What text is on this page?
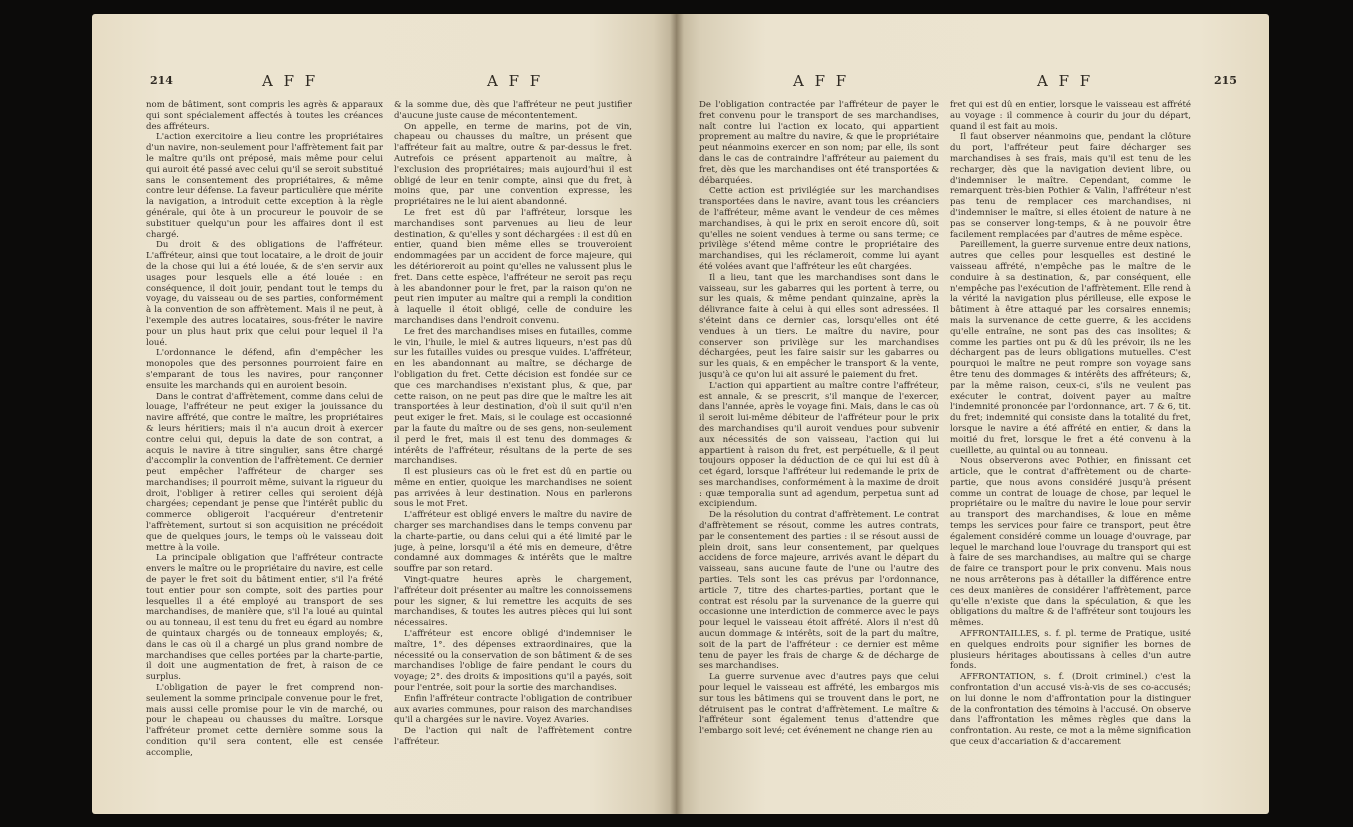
214	A F F	A F F

nom de bâtiment, sont compris les agrès & apparaux qui sont spécialement affectés à toutes les créances des affréteurs.

L'action exercitoire a lieu contre les propriétaires d'un navire, non-seulement pour l'affrètement fait par le maître qu'ils ont préposé, mais même pour celui qui auroit été passé avec celui qu'il se seroit substitué sans le consentement des propriétaires, & même contre leur défense. La faveur particulière que mérite la navigation, a introduit cette exception à la règle générale, qui ôte à un procureur le pouvoir de se substituer quelqu'un pour les affaires dont il est chargé.

Du droit & des obligations de l'affréteur. L'affréteur, ainsi que tout locataire, a le droit de jouir de la chose qui lui a été louée, & de s'en servir aux usages pour lesquels elle a été louée : en conséquence, il doit jouir, pendant tout le temps du voyage, du vaisseau ou de ses parties, conformément à la convention de son affrètement. Mais il ne peut, à l'exemple des autres locataires, sous-fréter le navire pour un plus haut prix que celui pour lequel il l'a loué.

L'ordonnance le défend, afin d'empêcher les monopoles que des personnes pourroient faire en s'emparant de tous les navires, pour rançonner ensuite les marchands qui en auroient besoin.

Dans le contrat d'affrètement, comme dans celui de louage, l'affréteur ne peut exiger la jouissance du navire affrété, que contre le maître, les propriétaires & leurs héritiers; mais il n'a aucun droit à exercer contre celui qui, depuis la date de son contrat, a acquis le navire à titre singulier, sans être chargé d'accomplir la convention de l'affrètement. Ce dernier peut empêcher l'affréteur de charger ses marchandises; il pourroit même, suivant la rigueur du droit, l'obliger à retirer celles qui seroient déjà chargées; cependant je pense que l'intérêt public du commerce obligeroit l'acquéreur d'entretenir l'affrètement, surtout si son acquisition ne précédoit que de quelques jours, le temps où le vaisseau doit mettre à la voile.

La principale obligation que l'affréteur contracte envers le maître ou le propriétaire du navire, est celle de payer le fret soit du bâtiment entier, s'il l'a frété tout entier pour son compte, soit des parties pour lesquelles il a été employé au transport de ses marchandises, de manière que, s'il l'a loué au quintal ou au tonneau, il est tenu du fret eu égard au nombre de quintaux chargés ou de tonneaux employés; &, dans le cas où il a chargé un plus grand nombre de marchandises que celles portées par la charte-partie, il doit une augmentation de fret, à raison de ce surplus.

L'obligation de payer le fret comprend non-seulement la somme principale convenue pour le fret, mais aussi celle promise pour le vin de marché, ou pour le chapeau ou chausses du maître. Lorsque l'affréteur promet cette dernière somme sous la condition qu'il sera content, elle est censée accomplie,

& la somme due, dès que l'affréteur ne peut justifier d'aucune juste cause de mécontentement.

On appelle, en terme de marins, pot de vin, chapeau ou chausses du maître, un présent que l'affréteur fait au maître, outre & par-dessus le fret. Autrefois ce présent appartenoit au maître, à l'exclusion des propriétaires; mais aujourd'hui il est obligé de leur en tenir compte, ainsi que du fret, à moins que, par une convention expresse, les propriétaires ne le lui aient abandonné.

Le fret est dû par l'affréteur, lorsque les marchandises sont parvenues au lieu de leur destination, & qu'elles y sont déchargées : il est dû en entier, quand bien même elles se trouveroient endommagées par un accident de force majeure, qui les détérioreroit au point qu'elles ne valussent plus le fret. Dans cette espèce, l'affréteur ne seroit pas reçu à les abandonner pour le fret, par la raison qu'on ne peut rien imputer au maître qui a rempli la condition à laquelle il étoit obligé, celle de conduire les marchandises dans l'endroit convenu.

Le fret des marchandises mises en futailles, comme le vin, l'huile, le miel & autres liqueurs, n'est pas dû sur les futailles vuides ou presque vuides. L'affréteur, en les abandonnant au maître, se décharge de l'obligation du fret. Cette décision est fondée sur ce que ces marchandises n'existant plus, & que, par cette raison, on ne peut pas dire que le maître les ait transportées à leur destination, d'où il suit qu'il n'en peut exiger le fret. Mais, si le coulage est occasionné par la faute du maître ou de ses gens, non-seulement il perd le fret, mais il est tenu des dommages & intérêts de l'affréteur, résultans de la perte de ses marchandises.

Il est plusieurs cas où le fret est dû en partie ou même en entier, quoique les marchandises ne soient pas arrivées à leur destination. Nous en parlerons sous le mot Fret.

L'affréteur est obligé envers le maître du navire de charger ses marchandises dans le temps convenu par la charte-partie, ou dans celui qui a été limité par le juge, à peine, lorsqu'il a été mis en demeure, d'être condamné aux dommages & intérêts que le maître souffre par son retard.

Vingt-quatre heures après le chargement, l'affréteur doit présenter au maître les connoissemens pour les signer, & lui remettre les acquits de ses marchandises, & toutes les autres pièces qui lui sont nécessaires.

L'affréteur est encore obligé d'indemniser le maître, 1°. des dépenses extraordinaires, que la nécessité ou la conservation de son bâtiment & de ses marchandises l'oblige de faire pendant le cours du voyage; 2°. des droits & impositions qu'il a payés, soit pour l'entrée, soit pour la sortie des marchandises.

Enfin l'affréteur contracte l'obligation de contribuer aux avaries communes, pour raison des marchandises qu'il a chargées sur le navire. Voyez Avaries.

De l'action qui naît de l'affrètement contre l'affréteur.

A F F	A F F	215

De l'obligation contractée par l'affréteur de payer le fret convenu pour le transport de ses marchandises, naît contre lui l'action ex locato, qui appartient proprement au maître du navire, & que le propriétaire peut néanmoins exercer en son nom; par elle, ils sont dans le cas de contraindre l'affréteur au paiement du fret, dès que les marchandises ont été transportées & débarquées.

Cette action est privilégiée sur les marchandises transportées dans le navire, avant tous les créanciers de l'affréteur, même avant le vendeur de ces mêmes marchandises, à qui le prix en seroit encore dû, soit qu'elles ne soient vendues à terme ou sans terme; ce privilège s'étend même contre le propriétaire des marchandises, qui les réclameroit, comme lui ayant été volées avant que l'affréteur les eût chargées.

Il a lieu, tant que les marchandises sont dans le vaisseau, sur les gabarres qui les portent à terre, ou sur les quais, & même pendant quinzaine, après la délivrance faite à celui à qui elles sont adressées. Il s'éteint dans ce dernier cas, lorsqu'elles ont été vendues à un tiers. Le maître du navire, pour conserver son privilège sur les marchandises déchargées, peut les faire saisir sur les gabarres ou sur les quais, & en empêcher le transport & la vente, jusqu'à ce qu'on lui ait assuré le paiement du fret.

L'action qui appartient au maître contre l'affréteur, est annale, & se prescrit, s'il manque de l'exercer, dans l'année, après le voyage fini. Mais, dans le cas où il seroit lui-même débiteur de l'affréteur pour le prix des marchandises qu'il auroit vendues pour subvenir aux nécessités de son vaisseau, l'action qui lui appartient à raison du fret, est perpétuelle, & il peut toujours opposer la déduction de ce qui lui est dû à cet égard, lorsque l'affréteur lui redemande le prix de ses marchandises, conformément à la maxime de droit : quæ temporalia sunt ad agendum, perpetua sunt ad excipiendum.

De la résolution du contrat d'affrètement. Le contrat d'affrètement se résout, comme les autres contrats, par le consentement des parties : il se résout aussi de plein droit, sans leur consentement, par quelques accidens de force majeure, arrivés avant le départ du vaisseau, sans aucune faute de l'une ou l'autre des parties. Tels sont les cas prévus par l'ordonnance, article 7, titre des chartes-parties, portant que le contrat est résolu par la survenance de la guerre qui occasionne une interdiction de commerce avec le pays pour lequel le vaisseau étoit affrété. Alors il n'est dû aucun dommage & intérêts, soit de la part du maître, soit de la part de l'affréteur : ce dernier est même tenu de payer les frais de charge & de décharge de ses marchandises.

La guerre survenue avec d'autres pays que celui pour lequel le vaisseau est affrété, les embargos mis sur tous les bâtimens qui se trouvent dans le port, ne détruisent pas le contrat d'affrètement. Le maître & l'affréteur sont également tenus d'attendre que l'embargo soit levé; cet événement ne change rien au

fret qui est dû en entier, lorsque le vaisseau est affrété au voyage : il commence à courir du jour du départ, quand il est fait au mois.

Il faut observer néanmoins que, pendant la clôture du port, l'affréteur peut faire décharger ses marchandises à ses frais, mais qu'il est tenu de les recharger, dès que la navigation devient libre, ou d'indemniser le maître. Cependant, comme le remarquent très-bien Pothier & Valin, l'affréteur n'est pas tenu de remplacer ces marchandises, ni d'indemniser le maître, si elles étoient de nature à ne pas se conserver long-temps, & à ne pouvoir être facilement remplacées par d'autres de même espèce.

Pareillement, la guerre survenue entre deux nations, autres que celles pour lesquelles est destiné le vaisseau affrété, n'empêche pas le maître de le conduire à sa destination, &, par conséquent, elle n'empêche pas l'exécution de l'affrètement. Elle rend à la vérité la navigation plus périlleuse, elle expose le bâtiment à être attaqué par les corsaires ennemis; mais la survenance de cette guerre, & les accidens qu'elle entraîne, ne sont pas des cas insolites; & comme les parties ont pu & dû les prévoir, ils ne les déchargent pas de leurs obligations mutuelles. C'est pourquoi le maître ne peut rompre son voyage sans être tenu des dommages & intérêts des affréteurs; &, par la même raison, ceux-ci, s'ils ne veulent pas exécuter le contrat, doivent payer au maître l'indemnité prononcée par l'ordonnance, art. 7 & 6, tit. du fret; indemnité qui consiste dans la totalité du fret, lorsque le navire a été affrété en entier, & dans la moitié du fret, lorsque le fret a été convenu à la cueillette, au quintal ou au tonneau.

Nous observerons avec Pothier, en finissant cet article, que le contrat d'affrètement ou de charte-partie, que nous avons considéré jusqu'à présent comme un contrat de louage de chose, par lequel le propriétaire ou le maître du navire le loue pour servir au transport des marchandises, & loue en même temps les services pour faire ce transport, peut être également considéré comme un louage d'ouvrage, par lequel le marchand loue l'ouvrage du transport qui est à faire de ses marchandises, au maître qui se charge de faire ce transport pour le prix convenu. Mais nous ne nous arrêterons pas à détailler la différence entre ces deux manières de considérer l'affrètement, parce qu'elle n'existe que dans la spéculation, & que les obligations du maître & de l'affréteur sont toujours les mêmes.

AFFRONTAILLES, s. f. pl. terme de Pratique, usité en quelques endroits pour signifier les bornes de plusieurs héritages aboutissans à celles d'un autre fonds.

AFFRONTATION, s. f. (Droit criminel.) c'est la confrontation d'un accusé vis-à-vis de ses co-accusés; on lui donne le nom d'affrontation pour la distinguer de la confrontation des témoins à l'accusé. On observe dans l'affrontation les mêmes règles que dans la confrontation. Au reste, ce mot a la même signification que ceux d'accariation & d'accarement
